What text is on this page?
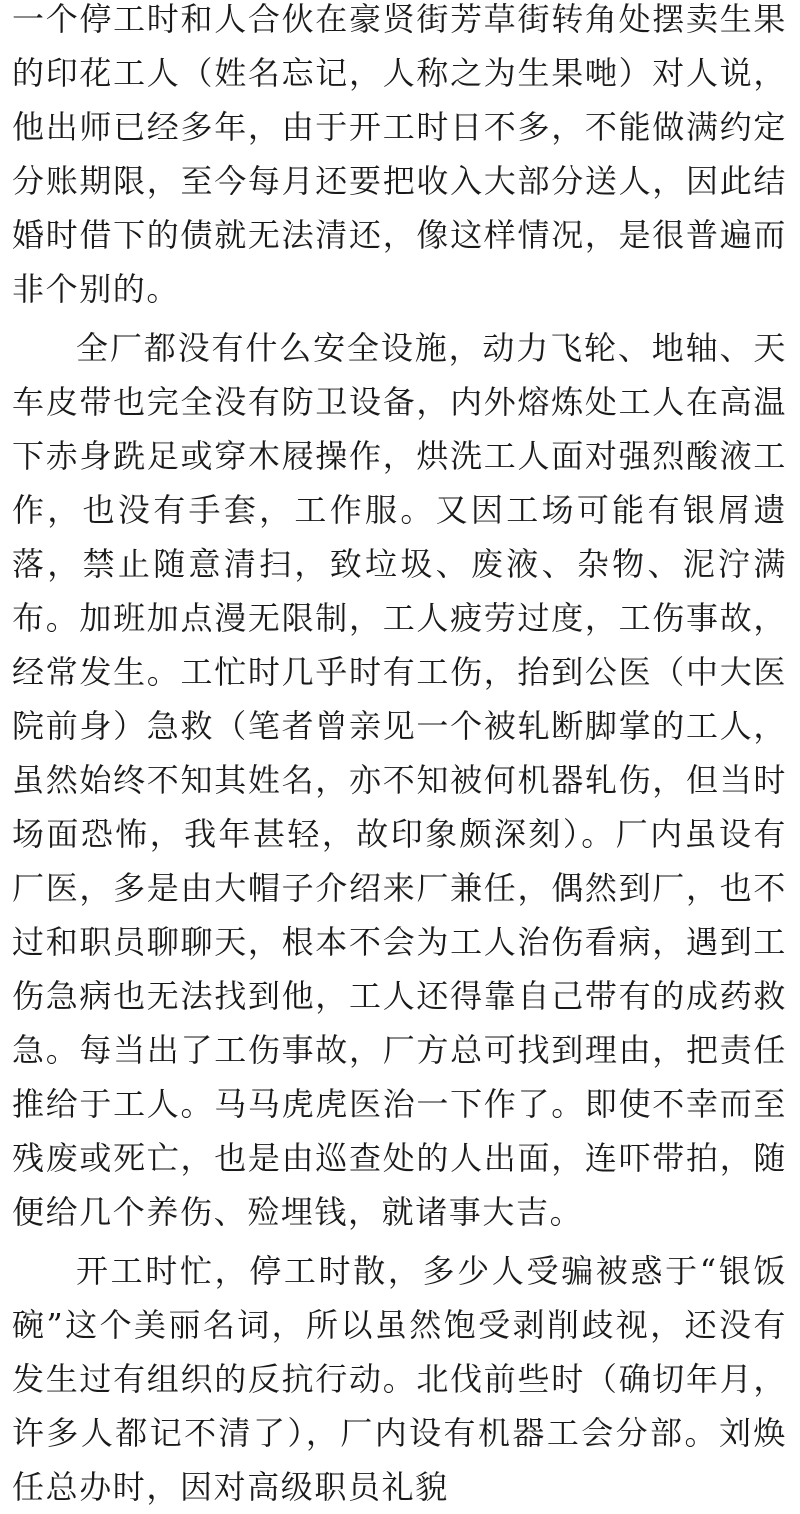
一个停工时和人合伙在豪贤街芳草街转角处摆卖生果的印花工人（姓名忘记，人称之为生果哋）对人说，他出师已经多年，由于开工时日不多，不能做满约定分账期限，至今每月还要把收入大部分送人，因此结婚时借下的债就无法清还，像这样情况，是很普遍而非个别的。

全厂都没有什么安全设施，动力飞轮、地轴、天车皮带也完全没有防卫设备，内外熔炼处工人在高温下赤身跣足或穿木屐操作，烘洗工人面对强烈酸液工作，也没有手套，工作服。又因工场可能有银屑遗落，禁止随意清扫，致垃圾、废液、杂物、泥泞满布。加班加点漫无限制，工人疲劳过度，工伤事故，经常发生。工忙时几乎时有工伤，抬到公医（中大医院前身）急救（笔者曾亲见一个被轧断脚掌的工人，虽然始终不知其姓名，亦不知被何机器轧伤，但当时场面恐怖，我年甚轻，故印象颇深刻）。厂内虽设有厂医，多是由大帽子介绍来厂兼任，偶然到厂，也不过和职员聊聊天，根本不会为工人治伤看病，遇到工伤急病也无法找到他，工人还得靠自己带有的成药救急。每当出了工伤事故，厂方总可找到理由，把责任推给于工人。马马虎虎医治一下作了。即使不幸而至残废或死亡，也是由巡查处的人出面，连吓带拍，随便给几个养伤、殓埋钱，就诸事大吉。

开工时忙，停工时散，多少人受骗被惑于“银饭碗”这个美丽名词，所以虽然饱受剥削歧视，还没有发生过有组织的反抗行动。北伐前些时（确切年月，许多人都记不清了），厂内设有机器工会分部。刘焕任总办时，因对高级职员礼貌
